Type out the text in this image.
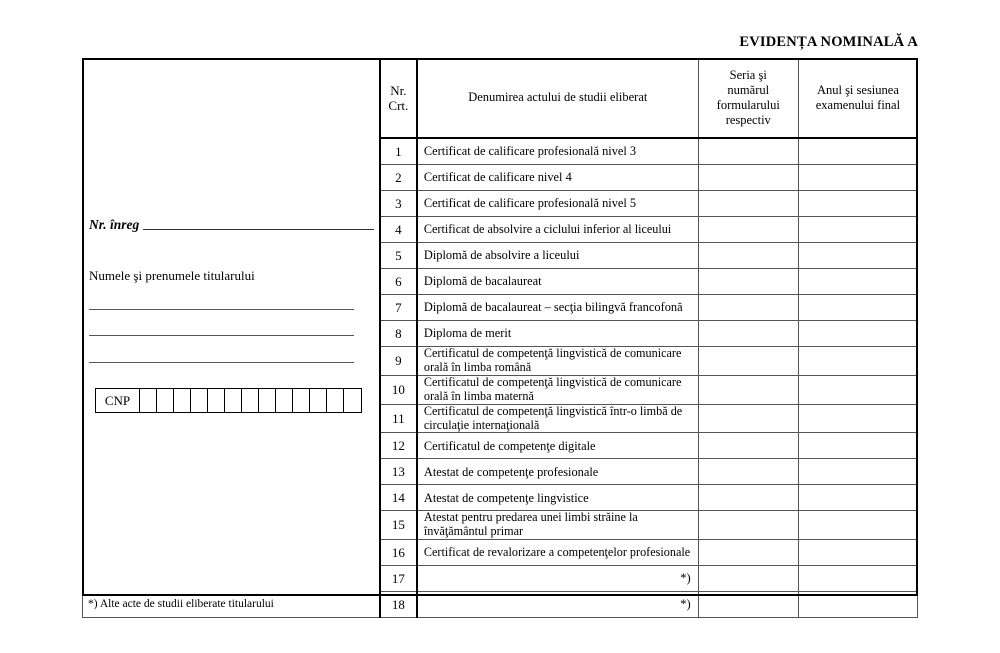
EVIDENȚA NOMINALĂ A
Nr. înreg
Numele şi prenumele titularului
CNP

Nr.
Crt.
	Denumirea actului de studii eliberat	
Seria şi
numărul
formularului
respectiv

Anul şi sesiunea
examenului final

	1	Certificat de calificare profesională nivel 3		
	2	Certificat de calificare nivel 4		
	3	Certificat de calificare profesională nivel 5		
	4	Certificat de absolvire a ciclului inferior al liceului		
	5	Diplomă de absolvire a liceului		
	6	Diplomă de bacalaureat		
	7	Diplomă de bacalaureat – secţia bilingvă francofonă		
	8	Diploma de merit		
	9	Certificatul de competenţă lingvistică de comunicare orală în limba română		
	10	Certificatul de competenţă lingvistică de comunicare orală în limba maternă		
	11	Certificatul de competenţă lingvistică într-o limbă de circulaţie internaţională		
	12	Certificatul de competenţe digitale		
	13	Atestat de competenţe profesionale		
	14	Atestat de competenţe lingvistice		
	15	Atestat pentru predarea unei limbi străine la învăţământul primar		
	16	Certificat de revalorizare a competenţelor profesionale		
	17	*)		
	18	*)		
*) Alte acte de studii eliberate titularului
